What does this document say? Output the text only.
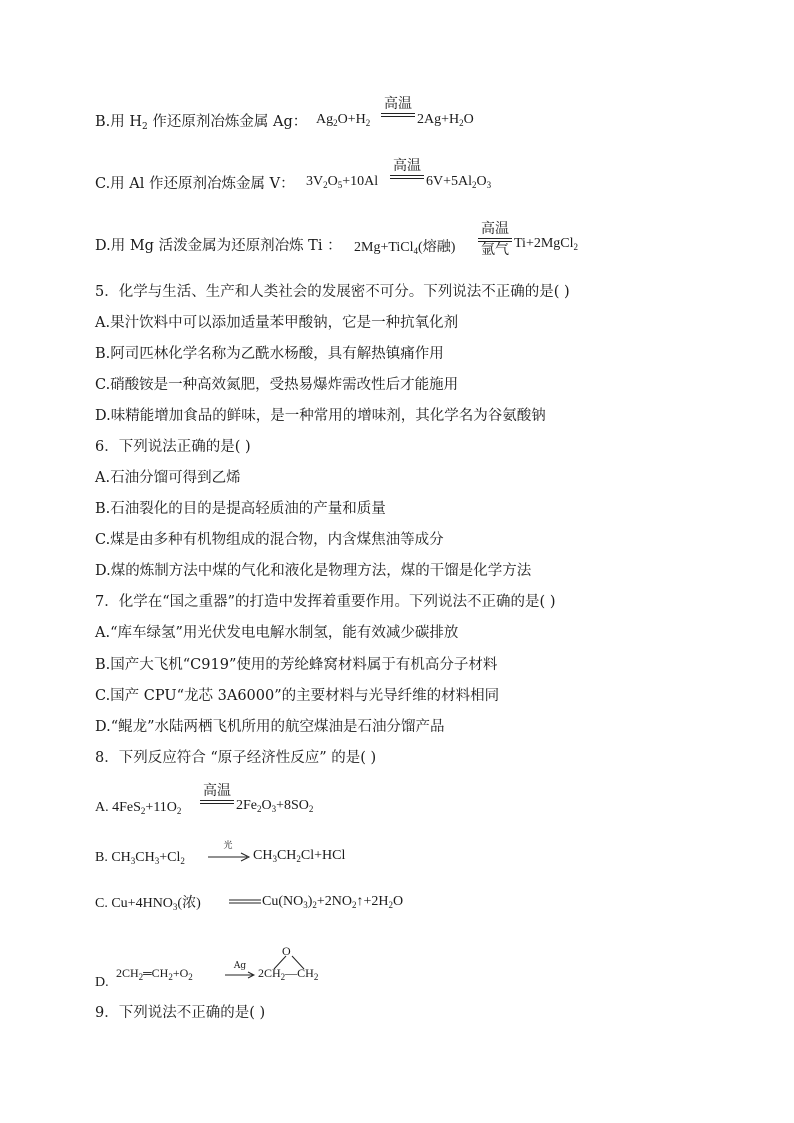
B.用 $H_2$ 作还原剂冶炼金属 Ag： $Ag_2O+H_2$
高温
$2Ag+H_2O$
C.用 Al 作还原剂冶炼金属 V： $3V_2O_5+10Al$
高温
$6V+5Al_2O_3$
D.用 Mg 活泼金属为还原剂冶炼 Ti ： 2Mg+TiCl$_4$(熔融)
高温
氩气 Ti+2MgCl$_2$
5．化学与生活、生产和人类社会的发展密不可分。下列说法不正确的是( )
A.果汁饮料中可以添加适量苯甲酸钠，它是一种抗氧化剂
B.阿司匹林化学名称为乙酰水杨酸，具有解热镇痛作用
C.硝酸铵是一种高效氮肥，受热易爆炸需改性后才能施用
D.味精能增加食品的鲜味，是一种常用的增味剂，其化学名为谷氨酸钠
6．下列说法正确的是( )
A.石油分馏可得到乙烯
B.石油裂化的目的是提高轻质油的产量和质量
C.煤是由多种有机物组成的混合物，内含煤焦油等成分
D.煤的炼制方法中煤的气化和液化是物理方法，煤的干馏是化学方法
7．化学在“国之重器”的打造中发挥着重要作用。下列说法不正确的是( )
A.“库车绿氢”用光伏发电电解水制氢，能有效减少碳排放
B.国产大飞机“C919”使用的芳纶蜂窝材料属于有机高分子材料
C.国产 CPU“龙芯 3A6000”的主要材料与光导纤维的材料相同
D.“鲲龙”水陆两栖飞机所用的航空煤油是石油分馏产品
8．下列反应符合 “原子经济性反应” 的是( )
A. $4FeS_2+11O_2$
高温
$2Fe_2O_3+8SO_2$
B. $CH_3CH_3+Cl_2$
光
$CH_3CH_2Cl+HCl$
C. $Cu+4HNO_3$(浓)	$Cu(NO_3)_2+2NO_2↑+2H_2O$
D.
$2CH_2═CH_2+O_2$
Ag $2CH_2—CH_2$
O
9．下列说法不正确的是( )
